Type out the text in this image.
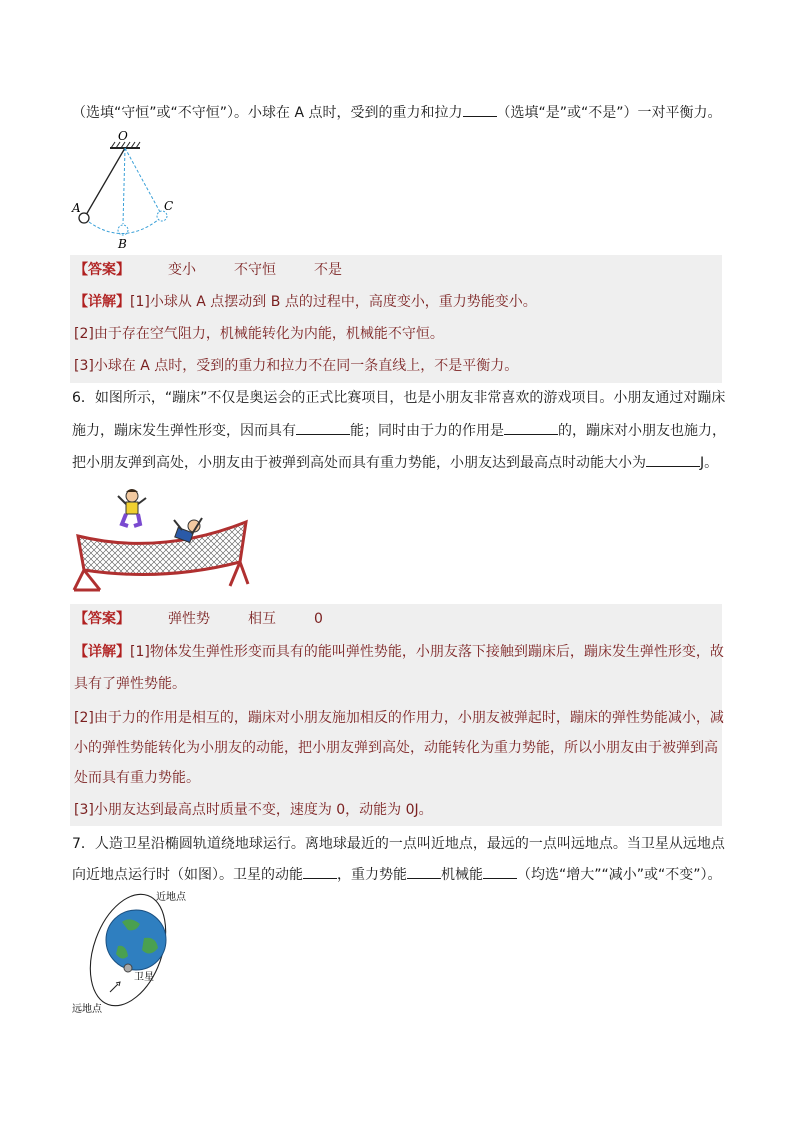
（选填“守恒”或“不守恒”）。小球在 A 点时，受到的重力和拉力 （选填“是”或“不是”）一对平衡力。
O
A
B
C
【答案】	变小	不守恒	不是
【详解】[1]小球从 A 点摆动到 B 点的过程中，高度变小，重力势能变小。
[2]由于存在空气阻力，机械能转化为内能，机械能不守恒。
[3]小球在 A 点时，受到的重力和拉力不在同一条直线上，不是平衡力。
6．如图所示，“蹦床”不仅是奥运会的正式比赛项目，也是小朋友非常喜欢的游戏项目。小朋友通过对蹦床
施力，蹦床发生弹性形变，因而具有	能；同时由于力的作用是	的，蹦床对小朋友也施力，
把小朋友弹到高处，小朋友由于被弹到高处而具有重力势能，小朋友达到最高点时动能大小为	J。
【答案】	弹性势	相互	0
【详解】[1]物体发生弹性形变而具有的能叫弹性势能，小朋友落下接触到蹦床后，蹦床发生弹性形变，故
具有了弹性势能。
[2]由于力的作用是相互的，蹦床对小朋友施加相反的作用力，小朋友被弹起时，蹦床的弹性势能减小，减
小的弹性势能转化为小朋友的动能，把小朋友弹到高处，动能转化为重力势能，所以小朋友由于被弹到高
处而具有重力势能。
[3]小朋友达到最高点时质量不变，速度为 0，动能为 0J。
7．人造卫星沿椭圆轨道绕地球运行。离地球最近的一点叫近地点，最远的一点叫远地点。当卫星从远地点
向近地点运行时（如图）。卫星的动能 ，重力势能 机械能 （均选“增大”“减小”或“不变”）。
近地点
卫星
远地点
